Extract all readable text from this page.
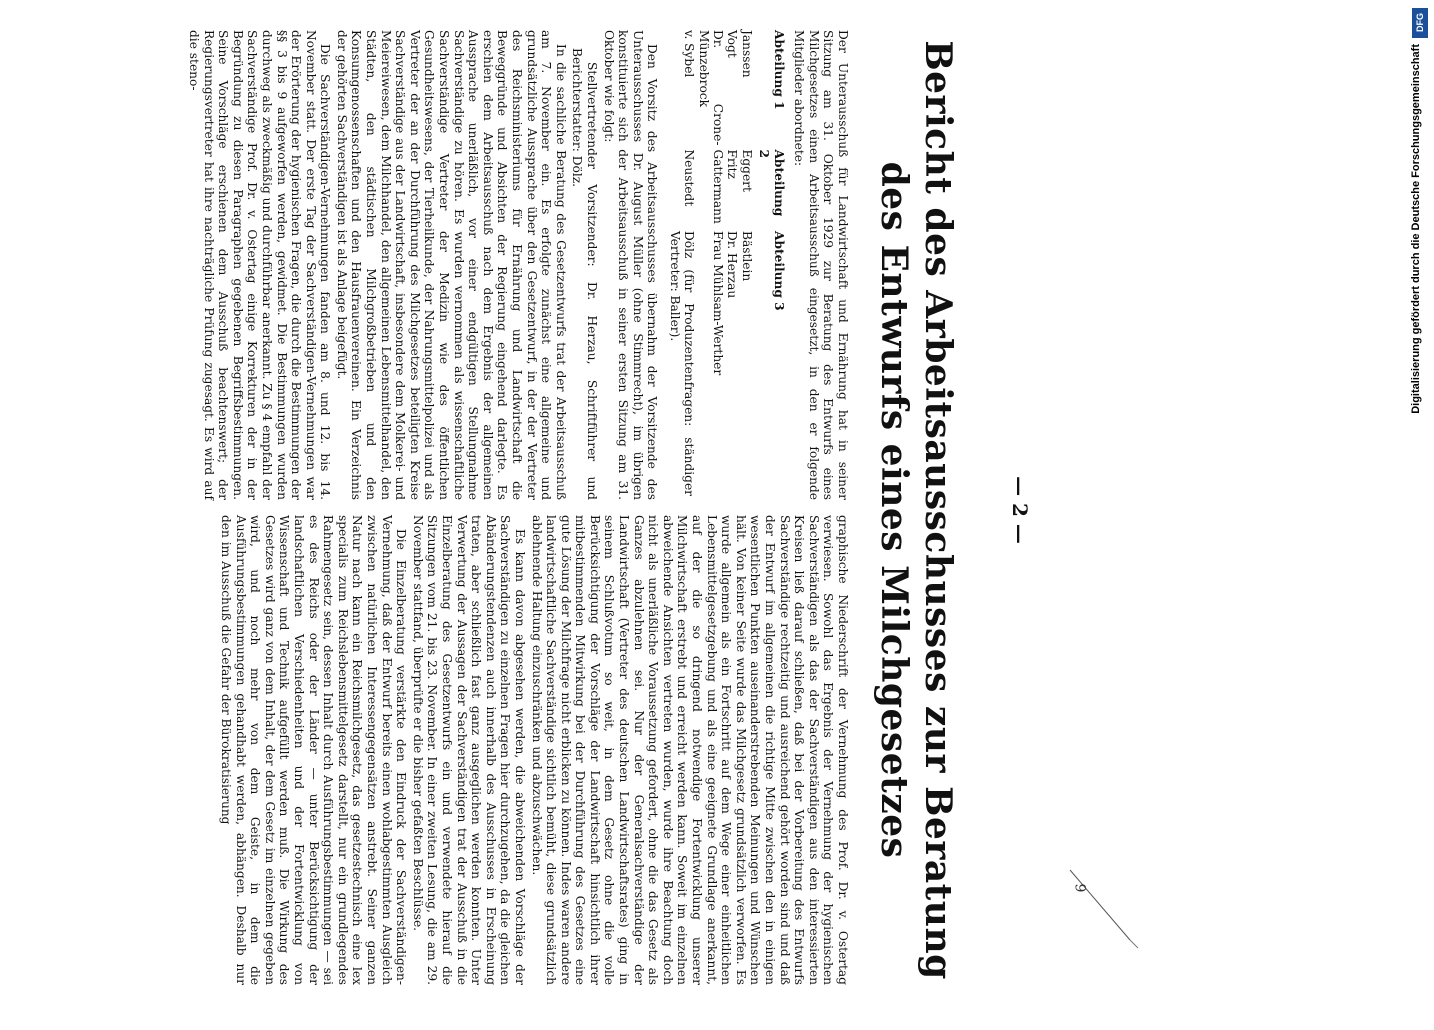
— 2 —
Bericht des Arbeitsausschusses zur Beratung des Entwurfs eines Milchgesetzes

Der Unterausschuß für Landwirtschaft und Ernährung hat in seiner Sitzung am 31. Oktober 1929 zur Beratung des Entwurfs eines Milchgesetzes einen Arbeitsausschuß eingesetzt, in den er folgende Mitglieder abordnete:

Abteilung 1	Abteilung 2	Abteilung 3
Janssen	Eggert	Bästlein
Vogt	Fritz	Dr. Herzau
Dr. Crone-Münzebrock	Gattermann	Frau Mühlsam-Werther
v. Sybel	Neustedt	Dölz (für Produzentenfragen: ständiger Vertreter: Baller).

Den Vorsitz des Arbeitsausschusses übernahm der Vorsitzende des Unterausschusses Dr. August Müller (ohne Stimmrecht), im übrigen konstituierte sich der Arbeitsausschuß in seiner ersten Sitzung am 31. Oktober wie folgt:

Stellvertretender Vorsitzender: Dr. Herzau, Schriftführer und Berichterstatter: Dölz.

In die sachliche Beratung des Gesetzentwurfs trat der Arbeitsausschuß am 7. November ein. Es erfolgte zunächst eine allgemeine und grundsätzliche Aussprache über den Gesetzentwurf, in der der Vertreter des Reichsministeriums für Ernährung und Landwirtschaft die Beweggründe und Absichten der Regierung eingehend darlegte. Es erschien dem Arbeitsausschuß nach dem Ergebnis der allgemeinen Aussprache unerläßlich, vor einer endgültigen Stellungnahme Sachverständige zu hören. Es wurden vernommen als wissenschaftliche Sachverständige Vertreter der Medizin wie des öffentlichen Gesundheitswesens, der Tierheilkunde, der Nahrungsmittelpolizei und als Vertreter der an der Durchführung des Milchgesetzes beteiligten Kreise Sachverständige aus der Landwirtschaft, insbesondere dem Molkerei- und Meiereiwesen, dem Milchhandel, den allgemeinen Lebensmittelhandel, den Städten, den städtischen Milchgroßbetrieben und den Konsumgenossenschaften und den Hausfrauenvereinen. Ein Verzeichnis der gehörten Sachverständigen ist als Anlage beigefügt.

Die Sachverständigen-Vernehmungen fanden am 8. und 12. bis 14. November statt. Der erste Tag der Sachverständigen-Vernehmungen war der Erörterung der hygienischen Fragen, die durch die Bestimmungen der §§ 3 bis 9 aufgeworfen werden, gewidmet. Die Bestimmungen wurden durchweg als zweckmäßig und durchführbar anerkannt. Zu § 4 empfahl der Sachverständige Prof. Dr. v. Ostertag einige Korrekturen der in der Begründung zu diesen Paragraphen gegebenen Begriffsbestimmungen. Seine Vorschläge erschienen dem Ausschuß beachtenswert; der Regierungsvertreter hat ihre nachträgliche Prüfung zugesagt. Es wird auf die steno-

graphische Niederschrift der Vernehmung des Prof. Dr. v. Ostertag verwiesen. Sowohl das Ergebnis der Vernehmung der hygienischen Sachverständigen als das der Sachverständigen aus den interessierten Kreisen ließ darauf schließen, daß bei der Vorbereitung des Entwurfs Sachverständige rechtzeitig und ausreichend gehört worden sind und daß der Entwurf im allgemeinen die richtige Mitte zwischen den in einigen wesentlichen Punkten auseinanderstrebenden Meinungen und Wünschen hält. Von keiner Seite wurde das Milchgesetz grundsätzlich verworfen. Es wurde allgemein als ein Fortschritt auf dem Wege einer einheitlichen Lebensmittelgesetzgebung und als eine geeignete Grundlage anerkannt, auf der die so dringend notwendige Fortentwicklung unserer Milchwirtschaft erstrebt und erreicht werden kann. Soweit im einzelnen abweichende Ansichten vertreten wurden, wurde ihre Beachtung doch nicht als unerläßliche Voraussetzung gefordert, ohne die das Gesetz als Ganzes abzulehnen sei. Nur der Generalsachverständige der Landwirtschaft (Vertreter des deutschen Landwirtschaftsrates) ging in seinem Schlußvotum so weit, in dem Gesetz ohne die volle Berücksichtigung der Vorschläge der Landwirtschaft hinsichtlich ihrer mitbestimmenden Mitwirkung bei der Durchführung des Gesetzes eine gute Lösung der Milchfrage nicht erblicken zu können. Indes waren andere landwirtschaftliche Sachverständige sichtlich bemüht, diese grundsätzlich ablehnende Haltung einzuschränken und abzuschwächen.

Es kann davon abgesehen werden, die abweichenden Vorschläge der Sachverständigen zu einzelnen Fragen hier durchzugehen, da die gleichen Abänderungstendenzen auch innerhalb des Ausschusses in Erscheinung traten, aber schließlich fast ganz ausgeglichen werden konnten. Unter Verwertung der Aussagen der Sachverständigen trat der Ausschuß in die Einzelberatung des Gesetzentwurfs ein und verwendete hierauf die Sitzungen vom 21. bis 23. November. In einer zweiten Lesung, die am 29. November stattfand, überprüfte er die bisher gefaßten Beschlüsse.

Die Einzelberatung verstärkte den Eindruck der Sachverständigen-Vernehmung, daß der Entwurf bereits einen wohlabgestimmten Ausgleich zwischen natürlichen Interessengegensätzen anstrebt. Seiner ganzen Natur nach kann ein Reichsmilchgesetz, das gesetzestechnisch eine lex specialis zum Reichslebensmittelgesetz darstellt, nur ein grundlegendes Rahmengesetz sein, dessen Inhalt durch Ausführungsbestimmungen — sei es des Reichs oder der Länder — unter Berücksichtigung der landschaftlichen Verschiedenheiten und der Fortentwicklung von Wissenschaft und Technik aufgefüllt werden muß. Die Wirkung des Gesetzes wird ganz von dem Inhalt, der dem Gesetz im einzelnen gegeben wird, und noch mehr von dem Geiste, in dem die Ausführungsbestimmungen gehandhabt werden, abhängen. Deshalb nur den im Ausschuß die Gefahr der Bürokratisierung

9
DFG
Digitalisierung gefördert durch die Deutsche Forschungsgemeinschaft
